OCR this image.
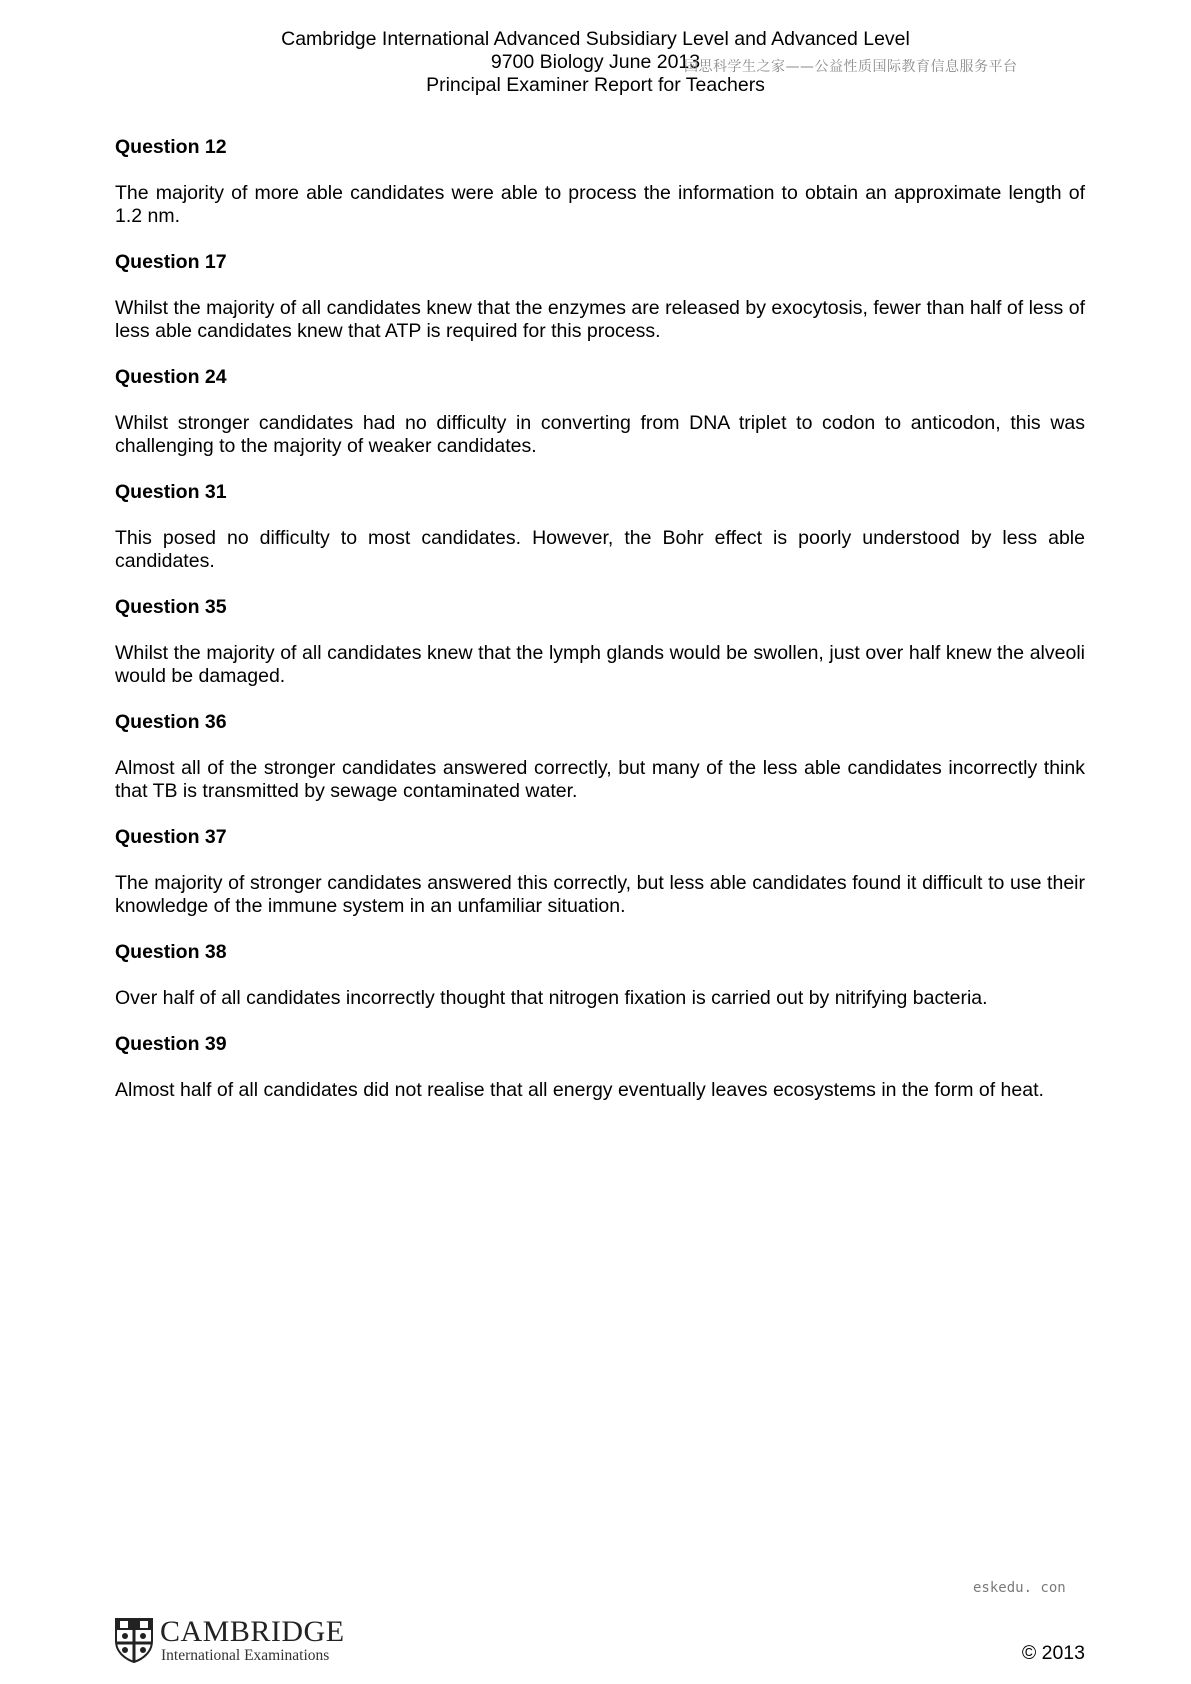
Cambridge International Advanced Subsidiary Level and Advanced Level
9700 Biology June 2013
Principal Examiner Report for Teachers
国思科学生之家——公益性质国际教育信息服务平台
Question 12
The majority of more able candidates were able to process the information to obtain an approximate length of 1.2 nm.
Question 17
Whilst the majority of all candidates knew that the enzymes are released by exocytosis, fewer than half of less of less able candidates knew that ATP is required for this process.
Question 24
Whilst stronger candidates had no difficulty in converting from DNA triplet to codon to anticodon, this was challenging to the majority of weaker candidates.
Question 31
This posed no difficulty to most candidates. However, the Bohr effect is poorly understood by less able candidates.
Question 35
Whilst the majority of all candidates knew that the lymph glands would be swollen, just over half knew the alveoli would be damaged.
Question 36
Almost all of the stronger candidates answered correctly, but many of the less able candidates incorrectly think that TB is transmitted by sewage contaminated water.
Question 37
The majority of stronger candidates answered this correctly, but less able candidates found it difficult to use their knowledge of the immune system in an unfamiliar situation.
Question 38
Over half of all candidates incorrectly thought that nitrogen fixation is carried out by nitrifying bacteria.
Question 39
Almost half of all candidates did not realise that all energy eventually leaves ecosystems in the form of heat.
eskedu. con
CAMBRIDGE
International Examinations	© 2013
